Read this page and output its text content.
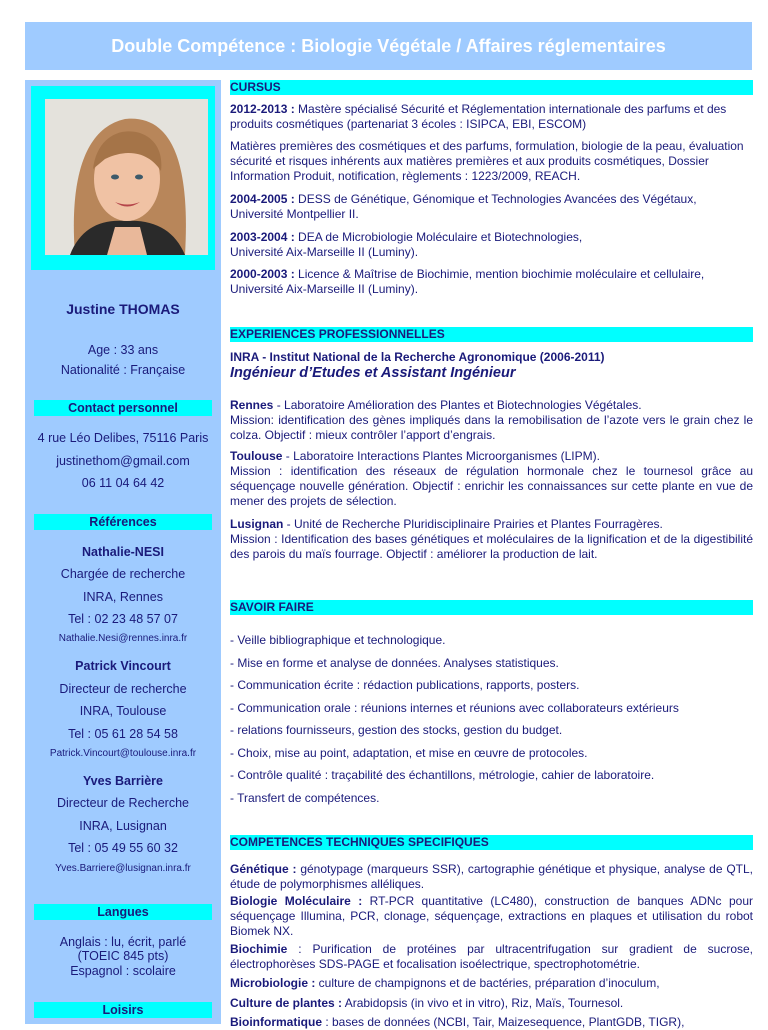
Double Compétence : Biologie Végétale / Affaires réglementaires
Justine THOMAS
Age : 33 ans
Nationalité : Française
Contact personnel
4 rue Léo Delibes, 75116 Paris
justinethom@gmail.com
06 11 04 64 42
Références
Nathalie-NESI
Chargée de recherche
INRA, Rennes
Tel : 02 23 48 57 07
Nathalie.Nesi@rennes.inra.fr
Patrick Vincourt
Directeur de recherche
INRA, Toulouse
Tel : 05 61 28 54 58
Patrick.Vincourt@toulouse.inra.fr
Yves Barrière
Directeur de Recherche
INRA, Lusignan
Tel : 05 49 55 60 32
Yves.Barriere@lusignan.inra.fr
Langues
Anglais : lu, écrit, parlé
(TOEIC 845 pts)
Espagnol : scolaire
Loisirs
CURSUS
2012-2013 : Mastère spécialisé Sécurité et Réglementation internationale des parfums et des produits cosmétiques (partenariat 3 écoles : ISIPCA, EBI, ESCOM)
Matières premières des cosmétiques et des parfums, formulation, biologie de la peau, évaluation sécurité et risques inhérents aux matières premières et aux produits cosmétiques, Dossier Information Produit, notification, règlements : 1223/2009, REACH.
2004-2005 : DESS de Génétique, Génomique et Technologies Avancées des Végétaux, Université Montpellier II.
2003-2004 : DEA de Microbiologie Moléculaire et Biotechnologies,
Université Aix-Marseille II (Luminy).
2000-2003 : Licence & Maîtrise de Biochimie, mention biochimie moléculaire et cellulaire, Université Aix-Marseille II (Luminy).
EXPERIENCES PROFESSIONNELLES
INRA - Institut National de la Recherche Agronomique (2006-2011)
Ingénieur d’Etudes et Assistant Ingénieur
Rennes - Laboratoire Amélioration des Plantes et Biotechnologies Végétales.
Mission: identification des gènes impliqués dans la remobilisation de l’azote vers le grain chez le colza. Objectif : mieux contrôler l’apport d’engrais.
Toulouse - Laboratoire Interactions Plantes Microorganismes (LIPM).
Mission : identification des réseaux de régulation hormonale chez le tournesol grâce au séquençage nouvelle génération. Objectif : enrichir les connaissances sur cette plante en vue de mener des projets de sélection.
Lusignan - Unité de Recherche Pluridisciplinaire Prairies et Plantes Fourragères.
Mission : Identification des bases génétiques et moléculaires de la lignification et de la digestibilité des parois du maïs fourrage. Objectif : améliorer la production de lait.
SAVOIR FAIRE
- Veille bibliographique et technologique.
- Mise en forme et analyse de données. Analyses statistiques.
- Communication écrite : rédaction publications, rapports, posters.
- Communication orale : réunions internes et réunions avec collaborateurs extérieurs
- relations fournisseurs, gestion des stocks, gestion du budget.
- Choix, mise au point, adaptation, et mise en œuvre de protocoles.
- Contrôle qualité : traçabilité des échantillons, métrologie, cahier de laboratoire.
- Transfert de compétences.
COMPETENCES TECHNIQUES SPECIFIQUES
Génétique : génotypage (marqueurs SSR), cartographie génétique et physique, analyse de QTL, étude de polymorphismes alléliques.
Biologie Moléculaire : RT-PCR quantitative (LC480), construction de banques ADNc pour séquençage Illumina, PCR, clonage, séquençage, extractions en plaques et utilisation du robot Biomek NX.
Biochimie : Purification de protéines par ultracentrifugation sur gradient de sucrose, électrophorèses SDS-PAGE et focalisation isoélectrique, spectrophotométrie.
Microbiologie : culture de champignons et de bactéries, préparation d’inoculum,
Culture de plantes : Arabidopsis (in vivo et in vitro), Riz, Maïs, Tournesol.
Bioinformatique : bases de données (NCBI, Tair, Maizesequence, PlantGDB, TIGR),
